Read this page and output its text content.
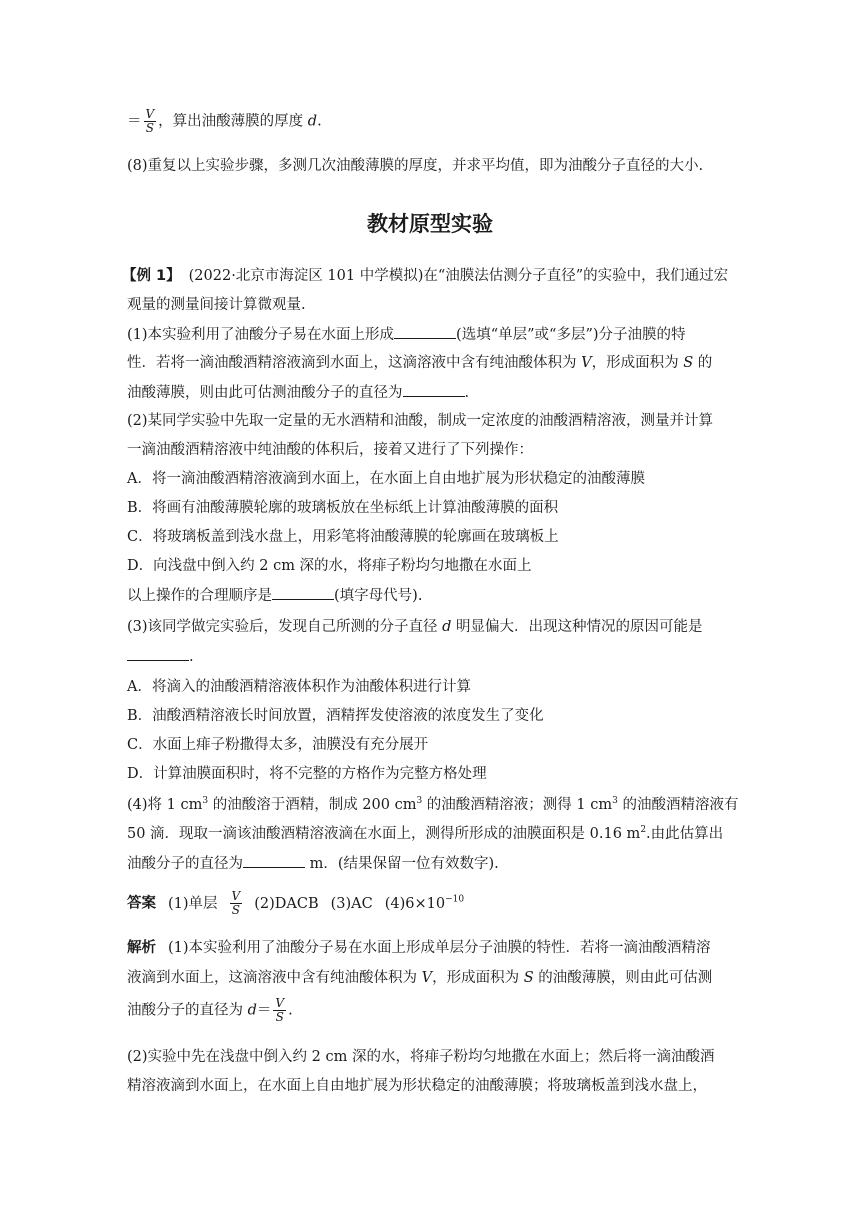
＝ $\frac{V}{S}$ ，算出油酸薄膜的厚度 d.
(8)重复以上实验步骤，多测几次油酸薄膜的厚度，并求平均值，即为油酸分子直径的大小.
教材原型实验
【例 1】 (2022·北京市海淀区 101 中学模拟)在“油膜法估测分子直径”的实验中，我们通过宏
观量的测量间接计算微观量.
(1)本实验利用了油酸分子易在水面上形成	(选填“单层”或“多层”)分子油膜的特
性．若将一滴油酸酒精溶液滴到水面上，这滴溶液中含有纯油酸体积为 V，形成面积为 S 的
油酸薄膜，则由此可估测油酸分子的直径为	.
(2)某同学实验中先取一定量的无水酒精和油酸，制成一定浓度的油酸酒精溶液，测量并计算
一滴油酸酒精溶液中纯油酸的体积后，接着又进行了下列操作：
A．将一滴油酸酒精溶液滴到水面上，在水面上自由地扩展为形状稳定的油酸薄膜
B．将画有油酸薄膜轮廓的玻璃板放在坐标纸上计算油酸薄膜的面积
C．将玻璃板盖到浅水盘上，用彩笔将油酸薄膜的轮廓画在玻璃板上
D．向浅盘中倒入约 2 cm 深的水，将痱子粉均匀地撒在水面上
以上操作的合理顺序是	(填字母代号).
(3)该同学做完实验后，发现自己所测的分子直径 d 明显偏大．出现这种情况的原因可能是
.
A．将滴入的油酸酒精溶液体积作为油酸体积进行计算
B．油酸酒精溶液长时间放置，酒精挥发使溶液的浓度发生了变化
C．水面上痱子粉撒得太多，油膜没有充分展开
D．计算油膜面积时，将不完整的方格作为完整方格处理
(4)将 1 $cm^3$ 的油酸溶于酒精，制成 200 $cm^3$ 的油酸酒精溶液；测得 1 $cm^3$ 的油酸酒精溶液有
50 滴．现取一滴该油酸酒精溶液滴在水面上，测得所形成的油膜面积是 0.16 $m^2$.由此估算出
油酸分子的直径为	m．(结果保留一位有效数字).
答案 (1)单层 $\frac{V}{S}$ (2)DACB (3)AC $(4)6\times 10^{-10}$
解析 (1)本实验利用了油酸分子易在水面上形成单层分子油膜的特性．若将一滴油酸酒精溶
液滴到水面上，这滴溶液中含有纯油酸体积为 V，形成面积为 S 的油酸薄膜，则由此可估测
油酸分子的直径为 $d= \frac{V}{S}$ .
(2)实验中先在浅盘中倒入约 2 cm 深的水，将痱子粉均匀地撒在水面上；然后将一滴油酸酒
精溶液滴到水面上，在水面上自由地扩展为形状稳定的油酸薄膜；将玻璃板盖到浅水盘上，
